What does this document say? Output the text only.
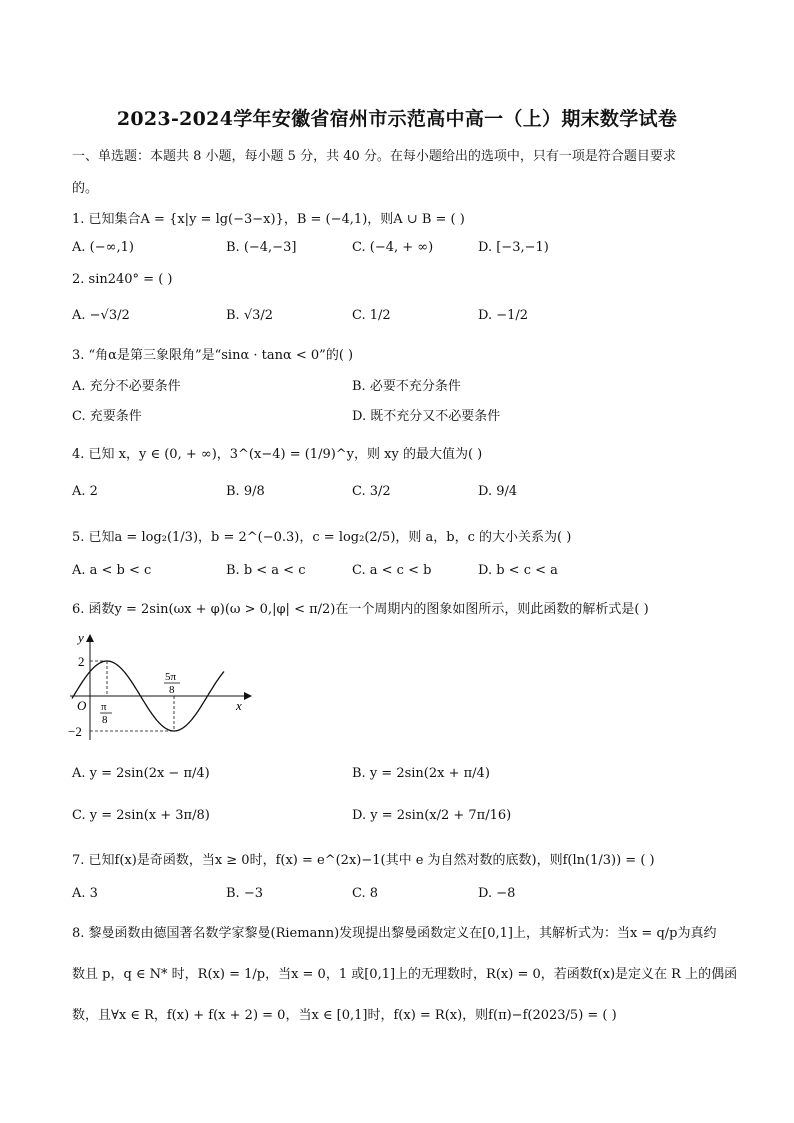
2023-2024学年安徽省宿州市示范高中高一（上）期末数学试卷
一、单选题：本题共 8 小题，每小题 5 分，共 40 分。在每小题给出的选项中，只有一项是符合题目要求
的。
1. 已知集合A = {x|y = lg(−3−x)}，B = (−4,1)，则A ∪ B = ( )
A. (−∞,1)	B. (−4,−3]	C. (−4, + ∞)	D. [−3,−1)
2. sin240° = ( )
A. −√3/2	B. √3/2	C. 1/2	D. −1/2
3. “角α是第三象限角”是“sinα · tanα < 0”的( )
A. 充分不必要条件	B. 必要不充分条件
C. 充要条件	D. 既不充分又不必要条件
4. 已知 x，y ∈ (0, + ∞)，3^(x−4) = (1/9)^y，则 xy 的最大值为( )
A. 2	B. 9/8	C. 3/2	D. 9/4
5. 已知a = log₂(1/3)，b = 2^(−0.3)，c = log₂(2/5)，则 a，b，c 的大小关系为( )
A. a < b < c	B. b < a < c	C. a < c < b	D. b < c < a
6. 函数y = 2sin(ωx + φ)(ω > 0,|φ| < π/2)在一个周期内的图象如图所示，则此函数的解析式是( )
y
x
O
2
−2
π
8
5π
8
A. y = 2sin(2x − π/4)	B. y = 2sin(2x + π/4)
C. y = 2sin(x + 3π/8)	D. y = 2sin(x/2 + 7π/16)
7. 已知f(x)是奇函数，当x ≥ 0时，f(x) = e^(2x)−1(其中 e 为自然对数的底数)，则f(ln(1/3)) = ( )
A. 3	B. −3	C. 8	D. −8
8. 黎曼函数由德国著名数学家黎曼(Riemann)发现提出黎曼函数定义在[0,1]上，其解析式为：当x = q/p为真约
数且 p，q ∈ N* 时，R(x) = 1/p，当x = 0，1 或[0,1]上的无理数时，R(x) = 0，若函数f(x)是定义在 R 上的偶函
数，且∀x ∈ R，f(x) + f(x + 2) = 0，当x ∈ [0,1]时，f(x) = R(x)，则f(π)−f(2023/5) = ( )
